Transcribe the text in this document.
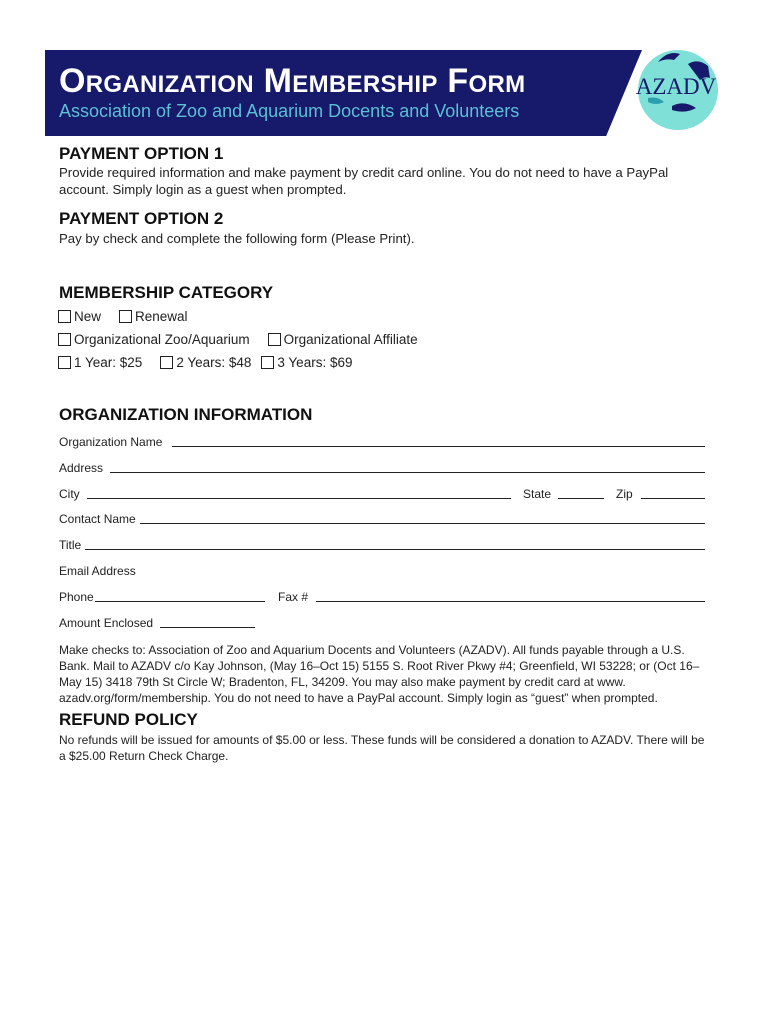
Organization Membership Form
Association of Zoo and Aquarium Docents and Volunteers
AZADV
PAYMENT OPTION 1
Provide required information and make payment by credit card online. You do not need to have a PayPal account. Simply login as a guest when prompted.
PAYMENT OPTION 2
Pay by check and complete the following form (Please Print).
MEMBERSHIP CATEGORY
New	Renewal
Organizational Zoo/Aquarium	Organizational Affiliate
1 Year: $25	2 Years: $48 3 Years: $69
ORGANIZATION INFORMATION
Organization Name
Address
City	State	Zip
Contact Name
Title
Email Address
Phone	Fax #
Amount Enclosed
Make checks to: Association of Zoo and Aquarium Docents and Volunteers (AZADV). All funds payable through a U.S. Bank. Mail to AZADV c/o Kay Johnson, (May 16–Oct 15) 5155 S. Root River Pkwy #4; Greenfield, WI 53228; or (Oct 16–May 15) 3418 79th St Circle W; Bradenton, FL, 34209. You may also make payment by credit card at www. azadv.org/form/membership. You do not need to have a PayPal account. Simply login as “guest” when prompted.
REFUND POLICY
No refunds will be issued for amounts of $5.00 or less. These funds will be considered a donation to AZADV. There will be a $25.00 Return Check Charge.
